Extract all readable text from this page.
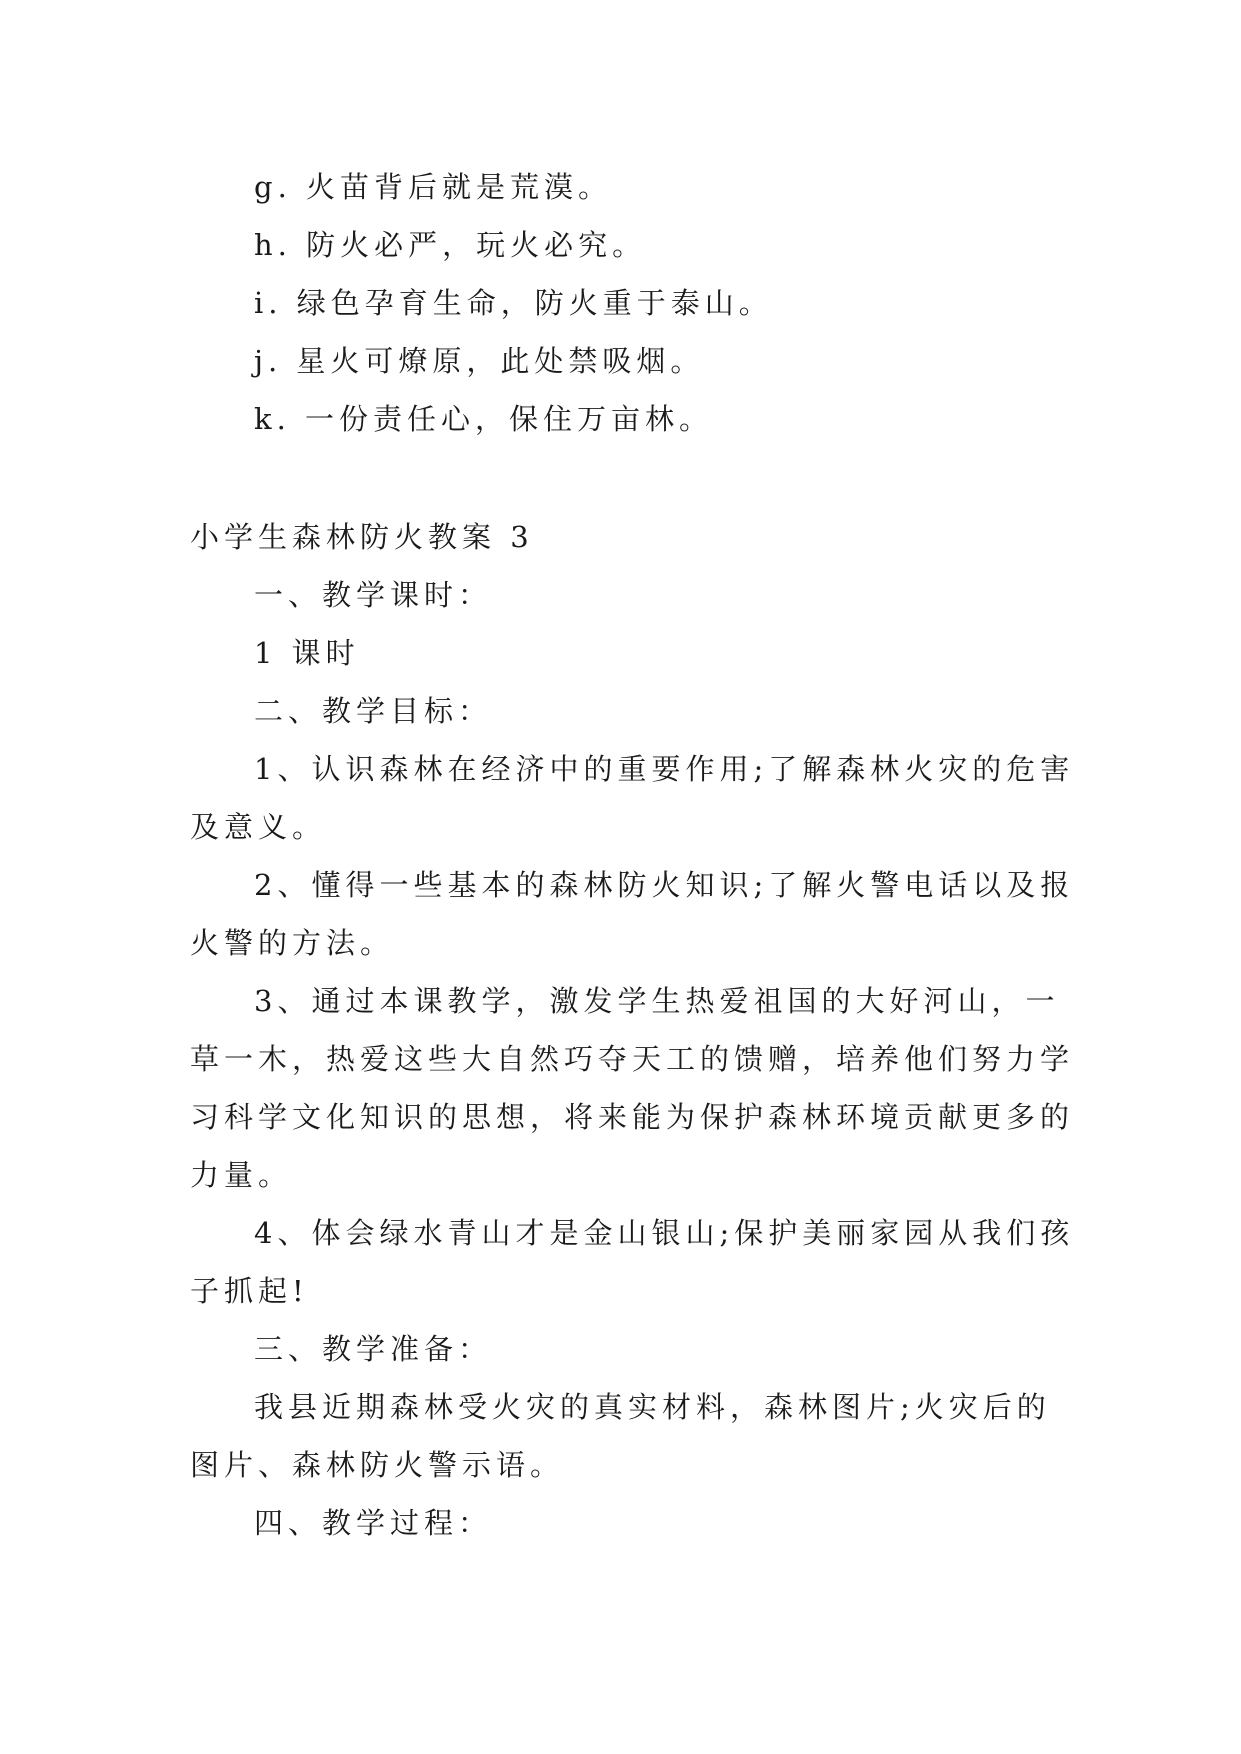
g. 火苗背后就是荒漠。
h. 防火必严，玩火必究。
i. 绿色孕育生命，防火重于泰山。
j. 星火可燎原，此处禁吸烟。
k. 一份责任心，保住万亩林。
小学生森林防火教案 3
一、教学课时：
1 课时
二、教学目标：
1、认识森林在经济中的重要作用;了解森林火灾的危害
及意义。
2、懂得一些基本的森林防火知识;了解火警电话以及报
火警的方法。
3、通过本课教学，激发学生热爱祖国的大好河山，一
草一木，热爱这些大自然巧夺天工的馈赠，培养他们努力学
习科学文化知识的思想，将来能为保护森林环境贡献更多的
力量。
4、体会绿水青山才是金山银山;保护美丽家园从我们孩
子抓起!
三、教学准备：
我县近期森林受火灾的真实材料，森林图片;火灾后的
图片、森林防火警示语。
四、教学过程：
